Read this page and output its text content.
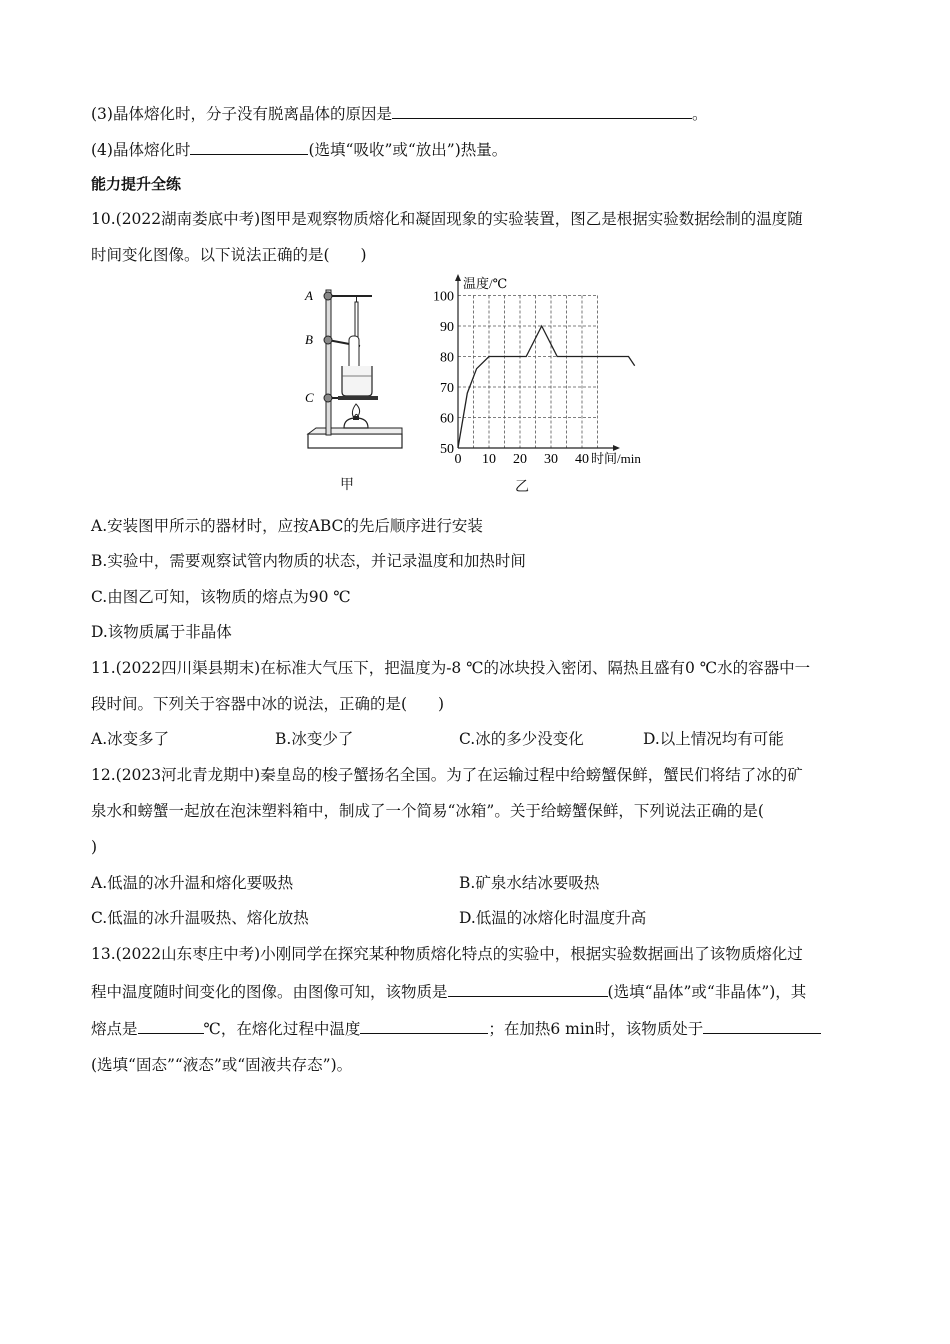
(3)晶体熔化时，分子没有脱离晶体的原因是	。
(4)晶体熔化时	(选填“吸收”或“放出”)热量。
能力提升全练
10.(2022湖南娄底中考)图甲是观察物质熔化和凝固现象的实验装置，图乙是根据实验数据绘制的温度随
时间变化图像。以下说法正确的是(　　)
A
B
C
甲
50
60
70
80
90
100
0 10 20 30 40
温度/℃
时间/min
乙
A.安装图甲所示的器材时，应按ABC的先后顺序进行安装
B.实验中，需要观察试管内物质的状态，并记录温度和加热时间
C.由图乙可知，该物质的熔点为90 ℃
D.该物质属于非晶体
11.(2022四川渠县期末)在标准大气压下，把温度为-8 ℃的冰块投入密闭、隔热且盛有0 ℃水的容器中一
段时间。下列关于容器中冰的说法，正确的是(　　)
A.冰变多了	B.冰变少了	C.冰的多少没变化	D.以上情况均有可能
12.(2023河北青龙期中)秦皇岛的梭子蟹扬名全国。为了在运输过程中给螃蟹保鲜，蟹民们将结了冰的矿
泉水和螃蟹一起放在泡沫塑料箱中，制成了一个简易“冰箱”。关于给螃蟹保鲜，下列说法正确的是(
)
A.低温的冰升温和熔化要吸热	B.矿泉水结冰要吸热
C.低温的冰升温吸热、熔化放热	D.低温的冰熔化时温度升高
13.(2022山东枣庄中考)小刚同学在探究某种物质熔化特点的实验中，根据实验数据画出了该物质熔化过
程中温度随时间变化的图像。由图像可知，该物质是	(选填“晶体”或“非晶体”)，其
熔点是	℃，在熔化过程中温度	；在加热6 min时，该物质处于
(选填“固态”“液态”或“固液共存态”)。
